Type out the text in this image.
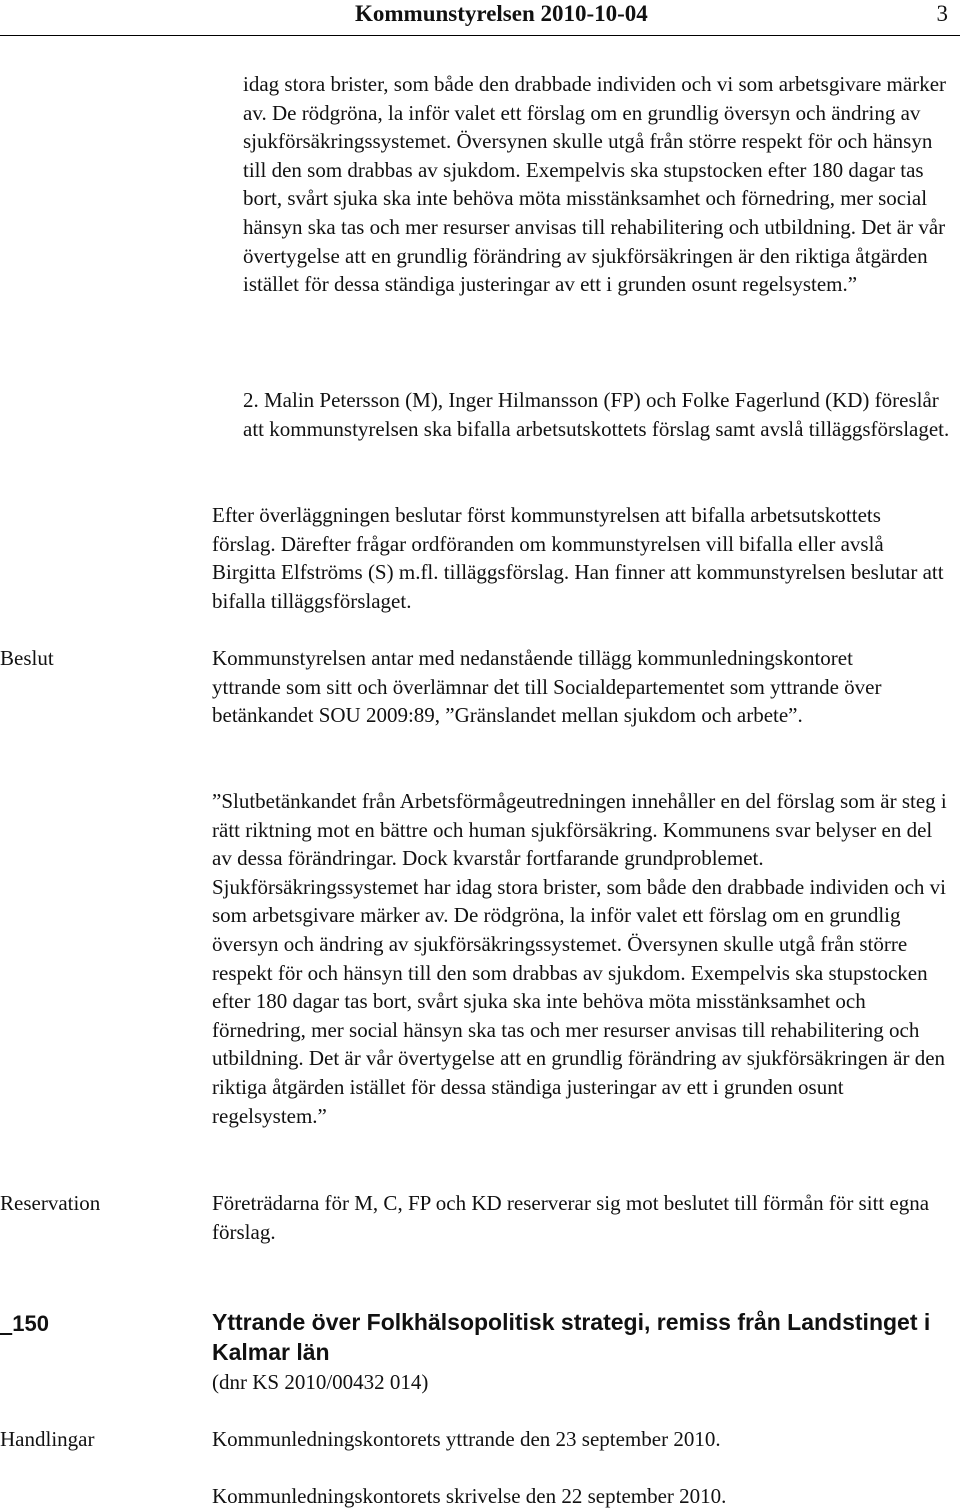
Kommunstyrelsen 2010-10-04	3

idag stora brister, som både den drabbade individen och vi som arbetsgivare märker av. De rödgröna, la inför valet ett förslag om en grundlig översyn och ändring av sjukförsäkringssystemet. Översynen skulle utgå från större respekt för och hänsyn till den som drabbas av sjukdom. Exempelvis ska stupstocken efter 180 dagar tas bort, svårt sjuka ska inte behöva möta misstänksamhet och förnedring, mer social hänsyn ska tas och mer resurser anvisas till rehabilitering och utbildning. Det är vår övertygelse att en grundlig förändring av sjukförsäkringen är den riktiga åtgärden istället för dessa ständiga justeringar av ett i grunden osunt regelsystem.”

2. Malin Petersson (M), Inger Hilmansson (FP) och Folke Fagerlund (KD) föreslår att kommunstyrelsen ska bifalla arbetsutskottets förslag samt avslå tilläggsförslaget.

Efter överläggningen beslutar först kommunstyrelsen att bifalla arbetsutskottets förslag. Därefter frågar ordföranden om kommunstyrelsen vill bifalla eller avslå Birgitta Elfströms (S) m.fl. tilläggsförslag. Han finner att kommunstyrelsen beslutar att bifalla tilläggsförslaget.

Beslut	Kommunstyrelsen antar med nedanstående tillägg kommunledningskontoret yttrande som sitt och överlämnar det till Socialdepartementet som yttrande över betänkandet SOU 2009:89, ”Gränslandet mellan sjukdom och arbete”.

”Slutbetänkandet från Arbetsförmågeutredningen innehåller en del förslag som är steg i rätt riktning mot en bättre och human sjukförsäkring. Kommunens svar belyser en del av dessa förändringar. Dock kvarstår fortfarande grundproblemet. Sjukförsäkringssystemet har idag stora brister, som både den drabbade individen och vi som arbetsgivare märker av. De rödgröna, la inför valet ett förslag om en grundlig översyn och ändring av sjukförsäkringssystemet. Översynen skulle utgå från större respekt för och hänsyn till den som drabbas av sjukdom. Exempelvis ska stupstocken efter 180 dagar tas bort, svårt sjuka ska inte behöva möta misstänksamhet och förnedring, mer social hänsyn ska tas och mer resurser anvisas till rehabilitering och utbildning. Det är vår övertygelse att en grundlig förändring av sjukförsäkringen är den riktiga åtgärden istället för dessa ständiga justeringar av ett i grunden osunt regelsystem.”

Reservation	Företrädarna för M, C, FP och KD reserverar sig mot beslutet till förmån för sitt egna förslag.

150	Yttrande över Folkhälsopolitisk strategi, remiss från Landstinget i Kalmar län

(dnr KS 2010/00432 014)
Handlingar	Kommunledningskontorets yttrande den 23 september 2010.
Kommunledningskontorets skrivelse den 22 september 2010.
